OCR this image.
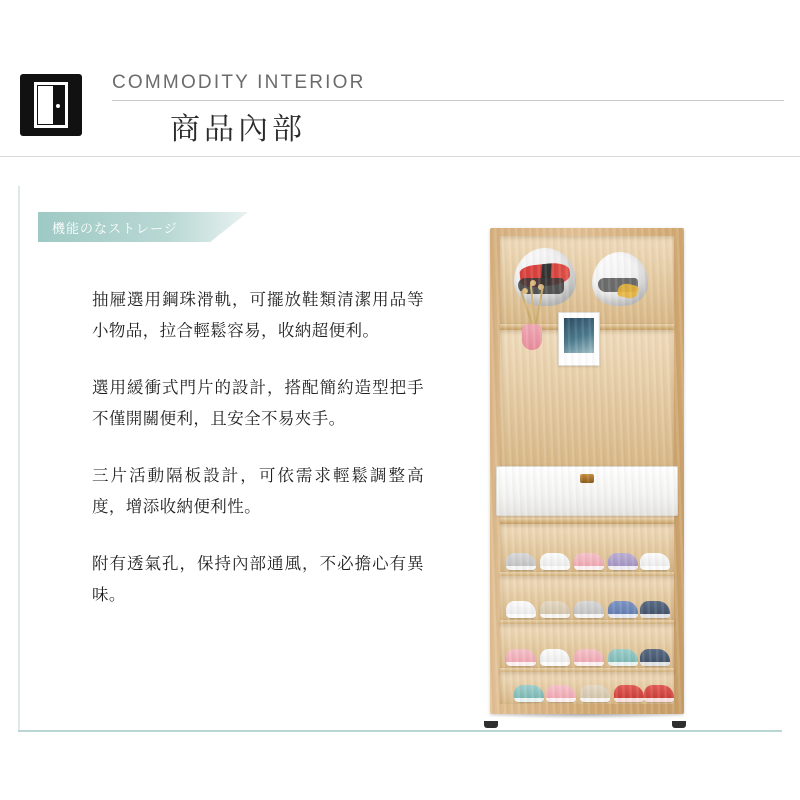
COMMODITY INTERIOR
商品內部
機能のなストレージ

抽屜選用鋼珠滑軌，可擺放鞋類清潔用品等小物品，拉合輕鬆容易，收納超便利。

選用緩衝式門片的設計，搭配簡約造型把手不僅開關便利，且安全不易夾手。

三片活動隔板設計，可依需求輕鬆調整高度，增添收納便利性。

附有透氣孔，保持內部通風，不必擔心有異味。
